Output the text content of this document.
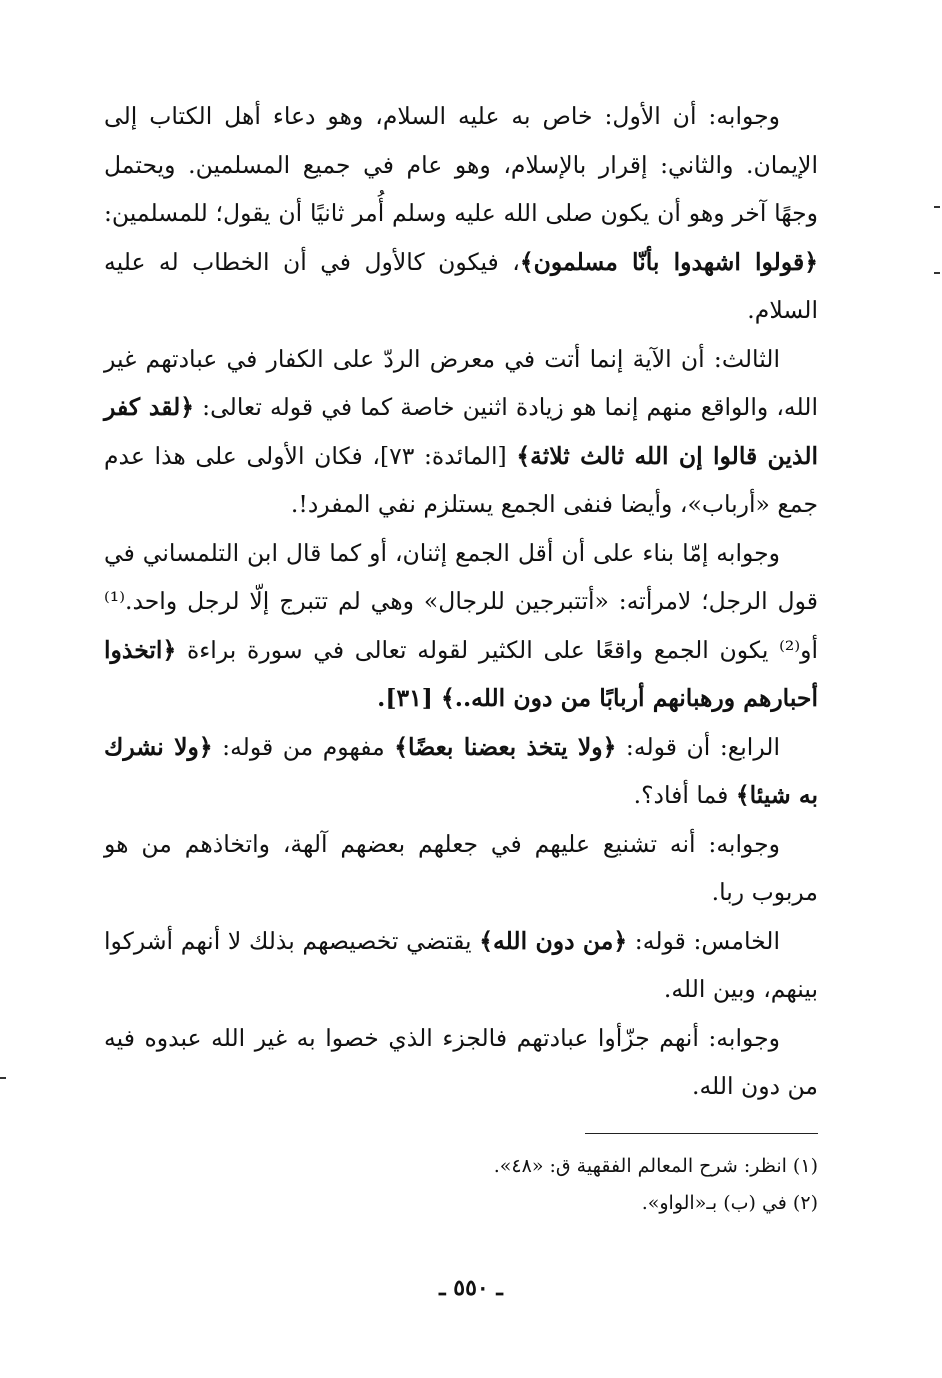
وجوابه: أن الأول: خاص به عليه السلام، وهو دعاء أهل الكتاب إلى الإيمان. والثاني: إقرار بالإسلام، وهو عام في جميع المسلمين. ويحتمل وجهًا آخر وهو أن يكون صلى الله عليه وسلم أُمر ثانيًا أن يقول؛ للمسلمين: ﴿قولوا اشهدوا بأنّا مسلمون﴾، فيكون كالأول في أن الخطاب له عليه السلام.

الثالث: أن الآية إنما أتت في معرض الردّ على الكفار في عبادتهم غير الله، والواقع منهم إنما هو زيادة اثنين خاصة كما في قوله تعالى: ﴿لقد كفر الذين قالوا إن الله ثالث ثلاثة﴾ [المائدة: ٧٣]، فكان الأولى على هذا عدم جمع «أرباب»، وأيضا فنفى الجمع يستلزم نفي المفرد!.

وجوابه إمّا بناء على أن أقل الجمع إثنان، أو كما قال ابن التلمساني في قول الرجل؛ لامرأته: «أتتبرجين للرجال» وهي لم تتبرج إلّا لرجل واحد.⁽¹⁾ أو⁽²⁾ يكون الجمع واقعًا على الكثير لقوله تعالى في سورة براءة ﴿اتخذوا أحبارهم ورهبانهم أربابًا من دون الله..﴾ [٣١].

الرابع: أن قوله: ﴿ولا يتخذ بعضنا بعضًا﴾ مفهوم من قوله: ﴿ولا نشرك به شيئا﴾ فما أفاد؟.

وجوابه: أنه تشنيع عليهم في جعلهم بعضهم آلهة، واتخاذهم من هو مربوب ربا.

الخامس: قوله: ﴿من دون الله﴾ يقتضي تخصيصهم بذلك لا أنهم أشركوا بينهم، وبين الله.

وجوابه: أنهم جزّأوا عبادتهم فالجزء الذي خصوا به غير الله عبدوه فيه من دون الله.

(١) انظر: شرح المعالم الفقهية ق: «٤٨».

(٢) في (ب) بـ«الواو».

ـ ٥٥٠ ـ
